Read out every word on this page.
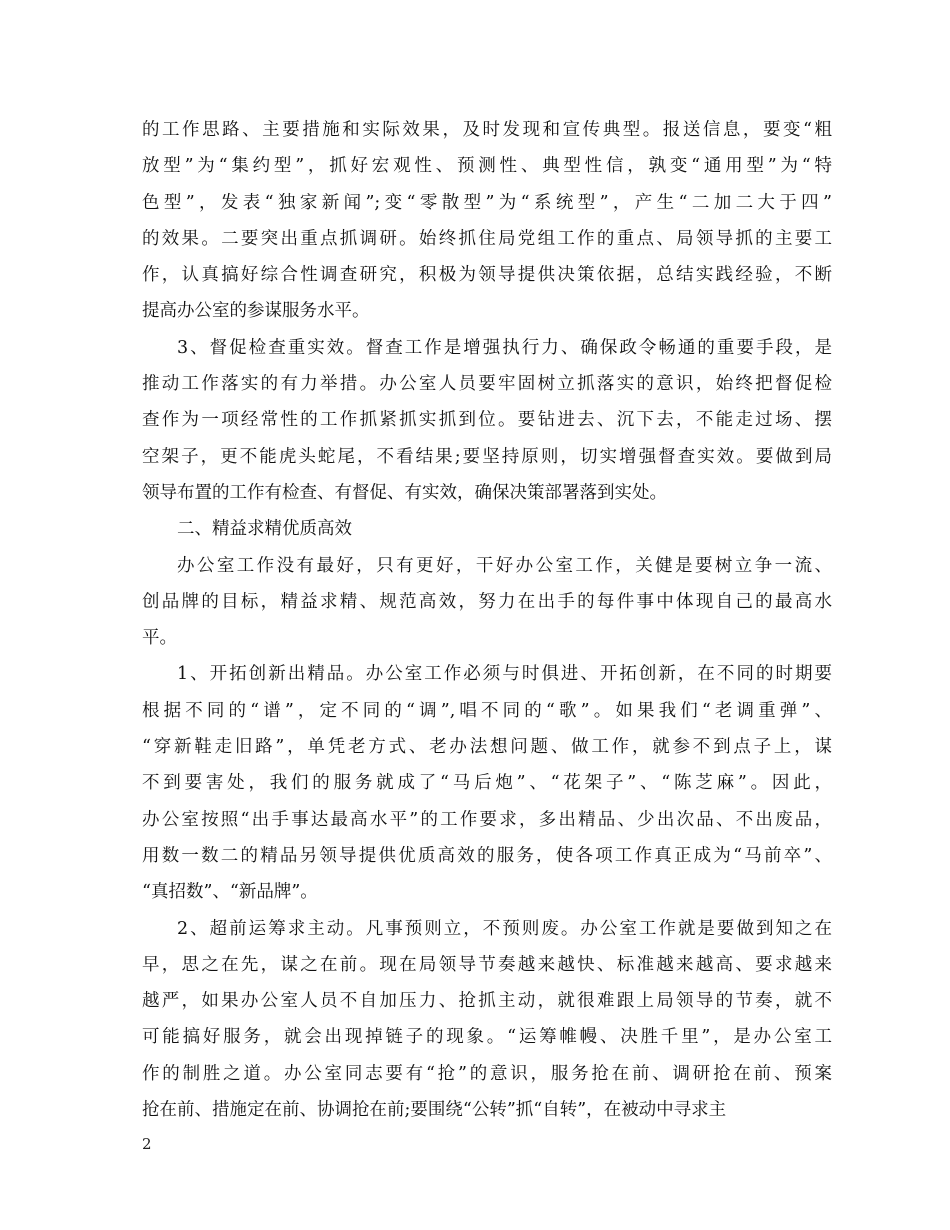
的工作思路、主要措施和实际效果，及时发现和宣传典型。报送信息，要变“粗
放型”为“集约型”，抓好宏观性、预测性、典型性信，孰变“通用型”为“特
色型”，发表“独家新闻”;变“零散型”为“系统型”，产生“二加二大于四”
的效果。二要突出重点抓调研。始终抓住局党组工作的重点、局领导抓的主要工
作，认真搞好综合性调查研究，积极为领导提供决策依据，总结实践经验，不断
提高办公室的参谋服务水平。
3、督促检查重实效。督查工作是增强执行力、确保政令畅通的重要手段，是
推动工作落实的有力举措。办公室人员要牢固树立抓落实的意识，始终把督促检
查作为一项经常性的工作抓紧抓实抓到位。要钻进去、沉下去，不能走过场、摆
空架子，更不能虎头蛇尾，不看结果;要坚持原则，切实增强督查实效。要做到局
领导布置的工作有检查、有督促、有实效，确保决策部署落到实处。
二、精益求精优质高效
办公室工作没有最好，只有更好，干好办公室工作，关健是要树立争一流、
创品牌的目标，精益求精、规范高效，努力在出手的每件事中体现自己的最高水
平。
1、开拓创新出精品。办公室工作必须与时俱进、开拓创新，在不同的时期要
根据不同的“谱”，定不同的“调”,唱不同的“歌”。如果我们“老调重弹”、
“穿新鞋走旧路”，单凭老方式、老办法想问题、做工作，就参不到点子上，谋
不到要害处，我们的服务就成了“马后炮”、“花架子”、“陈芝麻”。因此，
办公室按照“出手事达最高水平”的工作要求，多出精品、少出次品、不出废品，
用数一数二的精品另领导提供优质高效的服务，使各项工作真正成为“马前卒”、
“真招数”、“新品牌”。
2、超前运筹求主动。凡事预则立，不预则废。办公室工作就是要做到知之在
早，思之在先，谋之在前。现在局领导节奏越来越快、标准越来越高、要求越来
越严，如果办公室人员不自加压力、抢抓主动，就很难跟上局领导的节奏，就不
可能搞好服务，就会出现掉链子的现象。“运筹帷幔、决胜千里”，是办公室工
作的制胜之道。办公室同志要有“抢”的意识，服务抢在前、调研抢在前、预案
抢在前、措施定在前、协调抢在前;要围绕“公转”抓“自转”，在被动中寻求主
2
